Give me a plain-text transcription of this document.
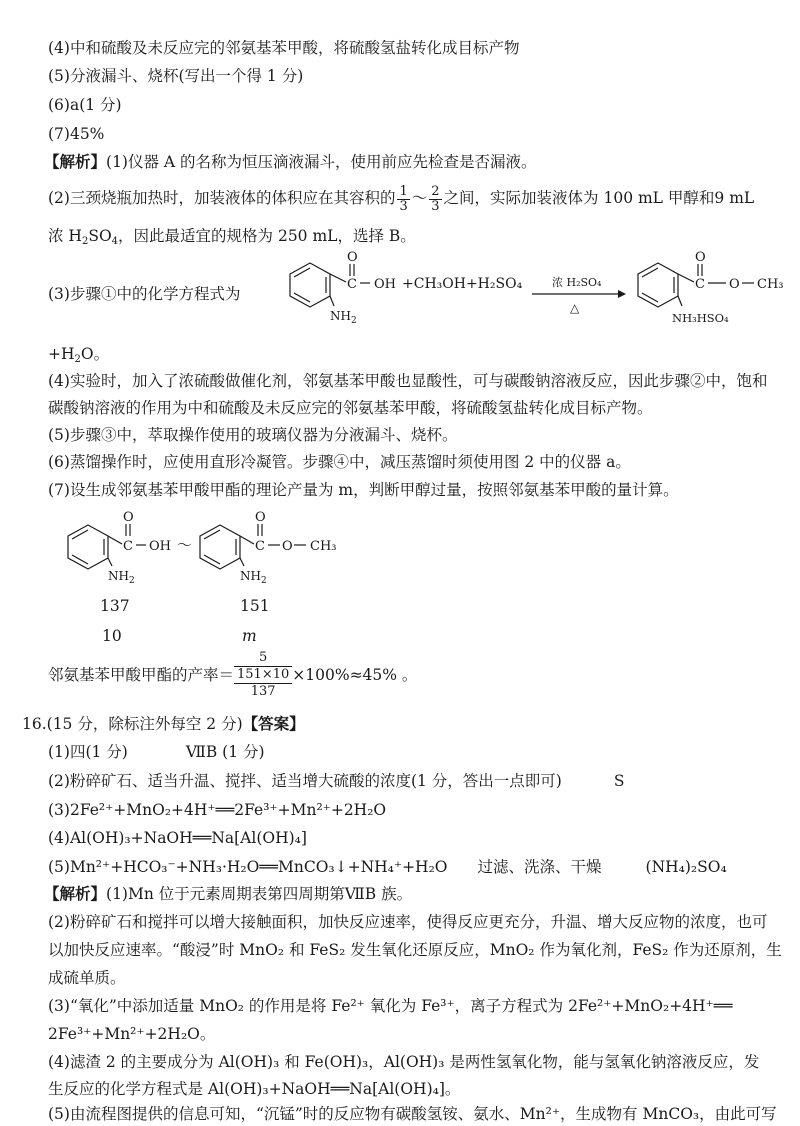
(4)中和硫酸及未反应完的邻氨基苯甲酸，将硫酸氢盐转化成目标产物
(5)分液漏斗、烧杯(写出一个得 1 分)
(6)a(1 分)
(7)45%
【解析】(1)仪器 A 的名称为恒压滴液漏斗，使用前应先检查是否漏液。
(2)三颈烧瓶加热时，加装液体的体积应在其容积的 $\frac{1}{3}$ ～ $\frac{2}{3}$ 之间，实际加装液体为 100 mL 甲醇和9 mL
浓 $H_2SO_4$，因此最适宜的规格为 250 mL，选择 B。
(3)步骤①中的化学方程式为
O
C OH
$NH_2$
+CH₃OH+H₂SO₄	浓 H₂SO₄
△
O
C O CH₃
NH₃HSO₄
$+H_2O$。
(4)实验时，加入了浓硫酸做催化剂，邻氨基苯甲酸也显酸性，可与碳酸钠溶液反应，因此步骤②中，饱和
碳酸钠溶液的作用为中和硫酸及未反应完的邻氨基苯甲酸，将硫酸氢盐转化成目标产物。
(5)步骤③中，萃取操作使用的玻璃仪器为分液漏斗、烧杯。
(6)蒸馏操作时，应使用直形冷凝管。步骤④中，减压蒸馏时须使用图 2 中的仪器 a。
(7)设生成邻氨基苯甲酸甲酯的理论产量为 m，判断甲醇过量，按照邻氨基苯甲酸的量计算。
O
C OH
$NH_2$
～
O
C O CH₃
$NH_2$
137	151
10	m
邻氨基苯甲酸甲酯的产率＝
5
151×10
137
×100%≈45% 。
16.(15 分，除标注外每空 2 分)【答案】
(1)四(1 分)	ⅦB (1 分)
(2)粉碎矿石、适当升温、搅拌、适当增大硫酸的浓度(1 分，答出一点即可)	S
(3)2Fe²⁺+MnO₂+4H⁺══2Fe³⁺+Mn²⁺+2H₂O
(4)Al(OH)₃+NaOH══Na[Al(OH)₄]
(5)Mn²⁺+HCO₃⁻+NH₃·H₂O══MnCO₃↓+NH₄⁺+H₂O 过滤、洗涤、干燥	(NH₄)₂SO₄
【解析】(1)Mn 位于元素周期表第四周期第ⅦB 族。
(2)粉碎矿石和搅拌可以增大接触面积，加快反应速率，使得反应更充分，升温、增大反应物的浓度，也可
以加快反应速率。“酸浸”时 MnO₂ 和 FeS₂ 发生氧化还原反应，MnO₂ 作为氧化剂，FeS₂ 作为还原剂，生
成硫单质。
(3)“氧化”中添加适量 MnO₂ 的作用是将 Fe²⁺ 氧化为 Fe³⁺，离子方程式为 2Fe²⁺+MnO₂+4H⁺══
2Fe³⁺+Mn²⁺+2H₂O。
(4)滤渣 2 的主要成分为 Al(OH)₃ 和 Fe(OH)₃，Al(OH)₃ 是两性氢氧化物，能与氢氧化钠溶液反应，发
生反应的化学方程式是 Al(OH)₃+NaOH══Na[Al(OH)₄]。
(5)由流程图提供的信息可知，“沉锰”时的反应物有碳酸氢铵、氨水、Mn²⁺，生成物有 MnCO₃，由此可写
